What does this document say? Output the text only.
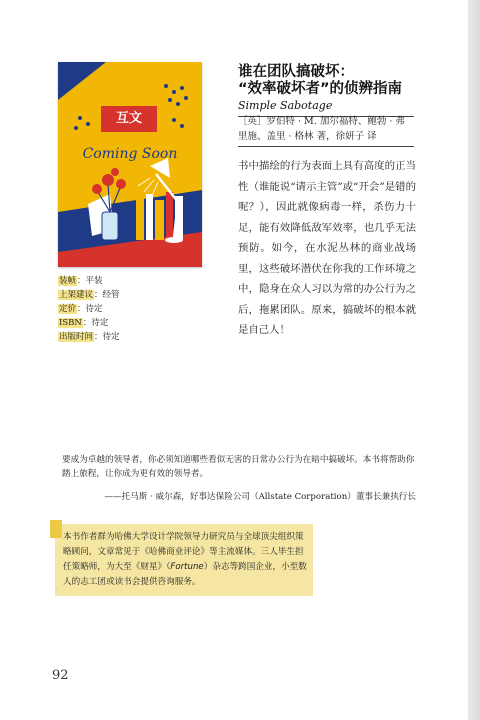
互文
Coming Soon
装帧：平装
上架建议：经管
定价：待定
ISBN：待定
出版时间：待定
谁在团队搞破坏：
“效率破坏者”的侦辨指南
Simple Sabotage
［英］罗伯特 · M. 加尔福特、鲍勃 · 弗
里施、盖里 · 格林 著，徐妍子 译
书中描绘的行为表面上具有高度的正当性（谁能说“请示主管”或“开会”是错的呢？），因此就像病毒一样，杀伤力十足，能有效降低敌军效率，也几乎无法预防。如今，在水泥丛林的商业战场里，这些破坏潜伏在你我的工作环境之中，隐身在众人习以为常的办公行为之后，拖累团队。原来，搞破坏的根本就是自己人！
要成为卓越的领导者，你必须知道哪些看似无害的日常办公行为在暗中搞破坏。本书将帮助你踏上旅程，让你成为更有效的领导者。
——托马斯 · 威尔森，好事达保险公司（Allstate Corporation）董事长兼执行长
本书作者群为哈佛大学设计学院领导力研究员与全球顶尖组织策略顾问，文章常见于《哈佛商业评论》等主流媒体。三人毕生担任策略师，为大至《财星》（Fortune）杂志等跨国企业，小至数人的志工团或读书会提供咨询服务。
92
